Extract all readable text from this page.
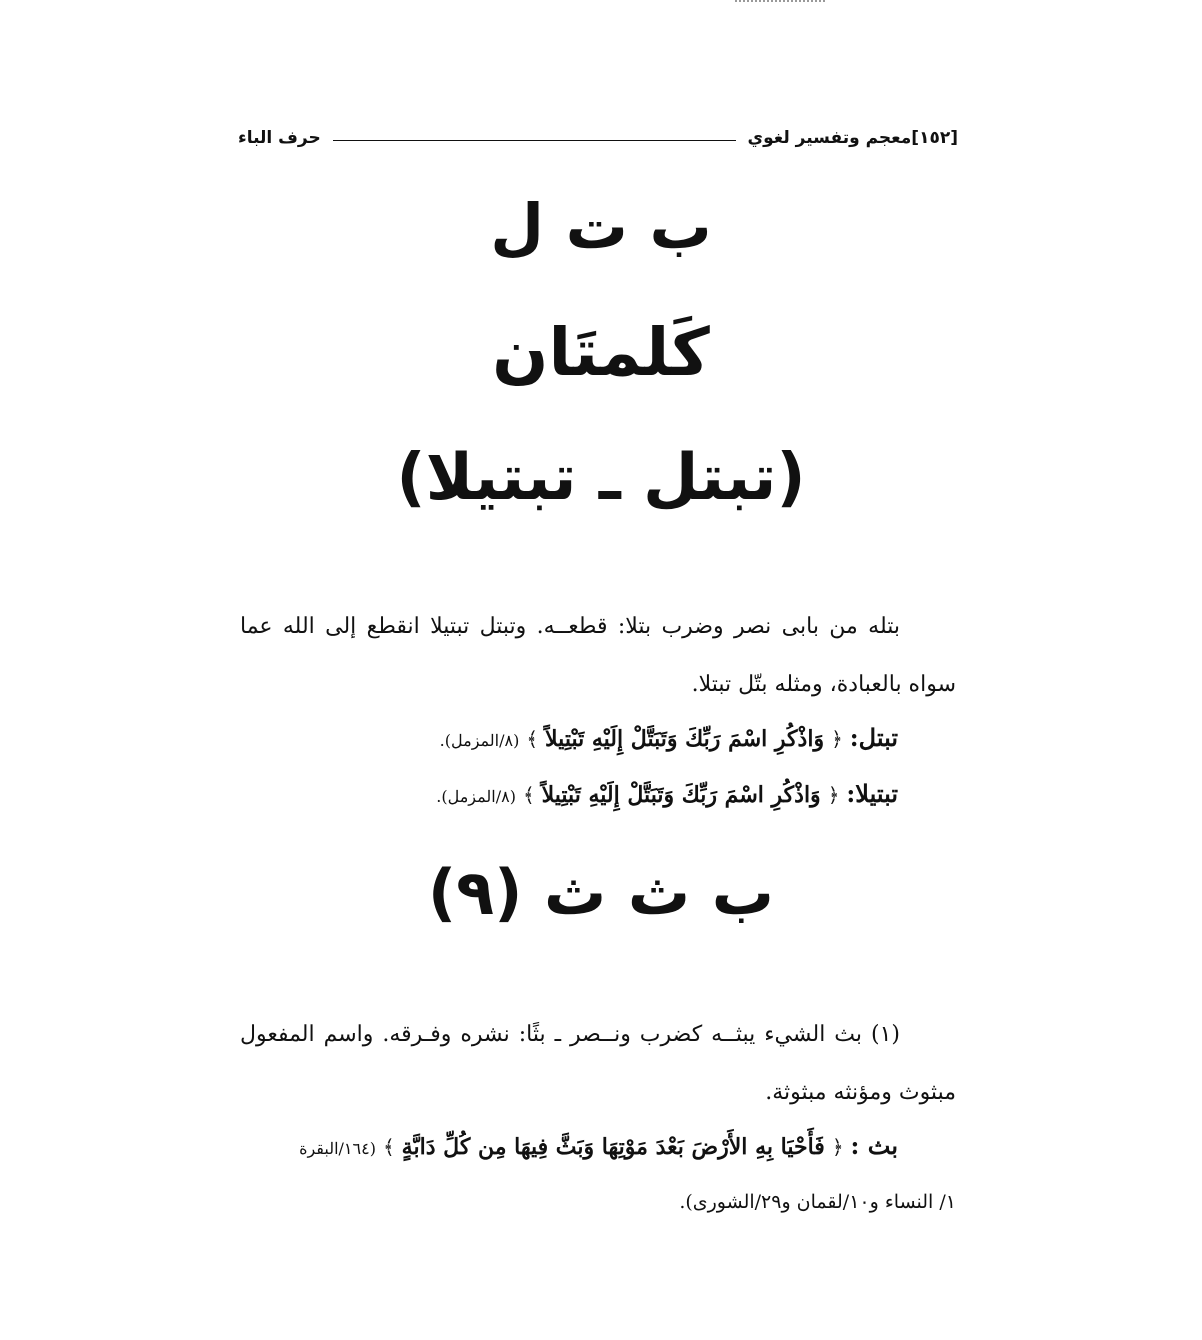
[١٥٢]
معجم وتفسير لغوي
حرف الباء
ب ت ل
كَلمتَان
(تبتل ـ تبتيلا)
بتله من بابى نصر وضرب بتلا: قطعــه. وتبتل تبتيلا انقطع إلى الله عما سواه بالعبادة، ومثله بتّل تبتلا.
تبتل: ﴿ وَاذْكُرِ اسْمَ رَبِّكَ وَتَبَتَّلْ إِلَيْهِ تَبْتِيلاً ﴾ (٨/المزمل).
تبتيلا: ﴿ وَاذْكُرِ اسْمَ رَبِّكَ وَتَبَتَّلْ إِلَيْهِ تَبْتِيلاً ﴾ (٨/المزمل).
ب ث ث (٩)
(١) بث الشيء يبثــه كضرب ونــصر ـ بثًا: نشره وفـرقه. واسم المفعول مبثوث ومؤنثه مبثوثة.
بث : ﴿ فَأَحْيَا بِهِ الأَرْضَ بَعْدَ مَوْتِهَا وَبَثَّ فِيهَا مِن كُلِّ دَابَّةٍ ﴾ (١٦٤/البقرة
١/ النساء و١٠/لقمان و٢٩/الشورى).
